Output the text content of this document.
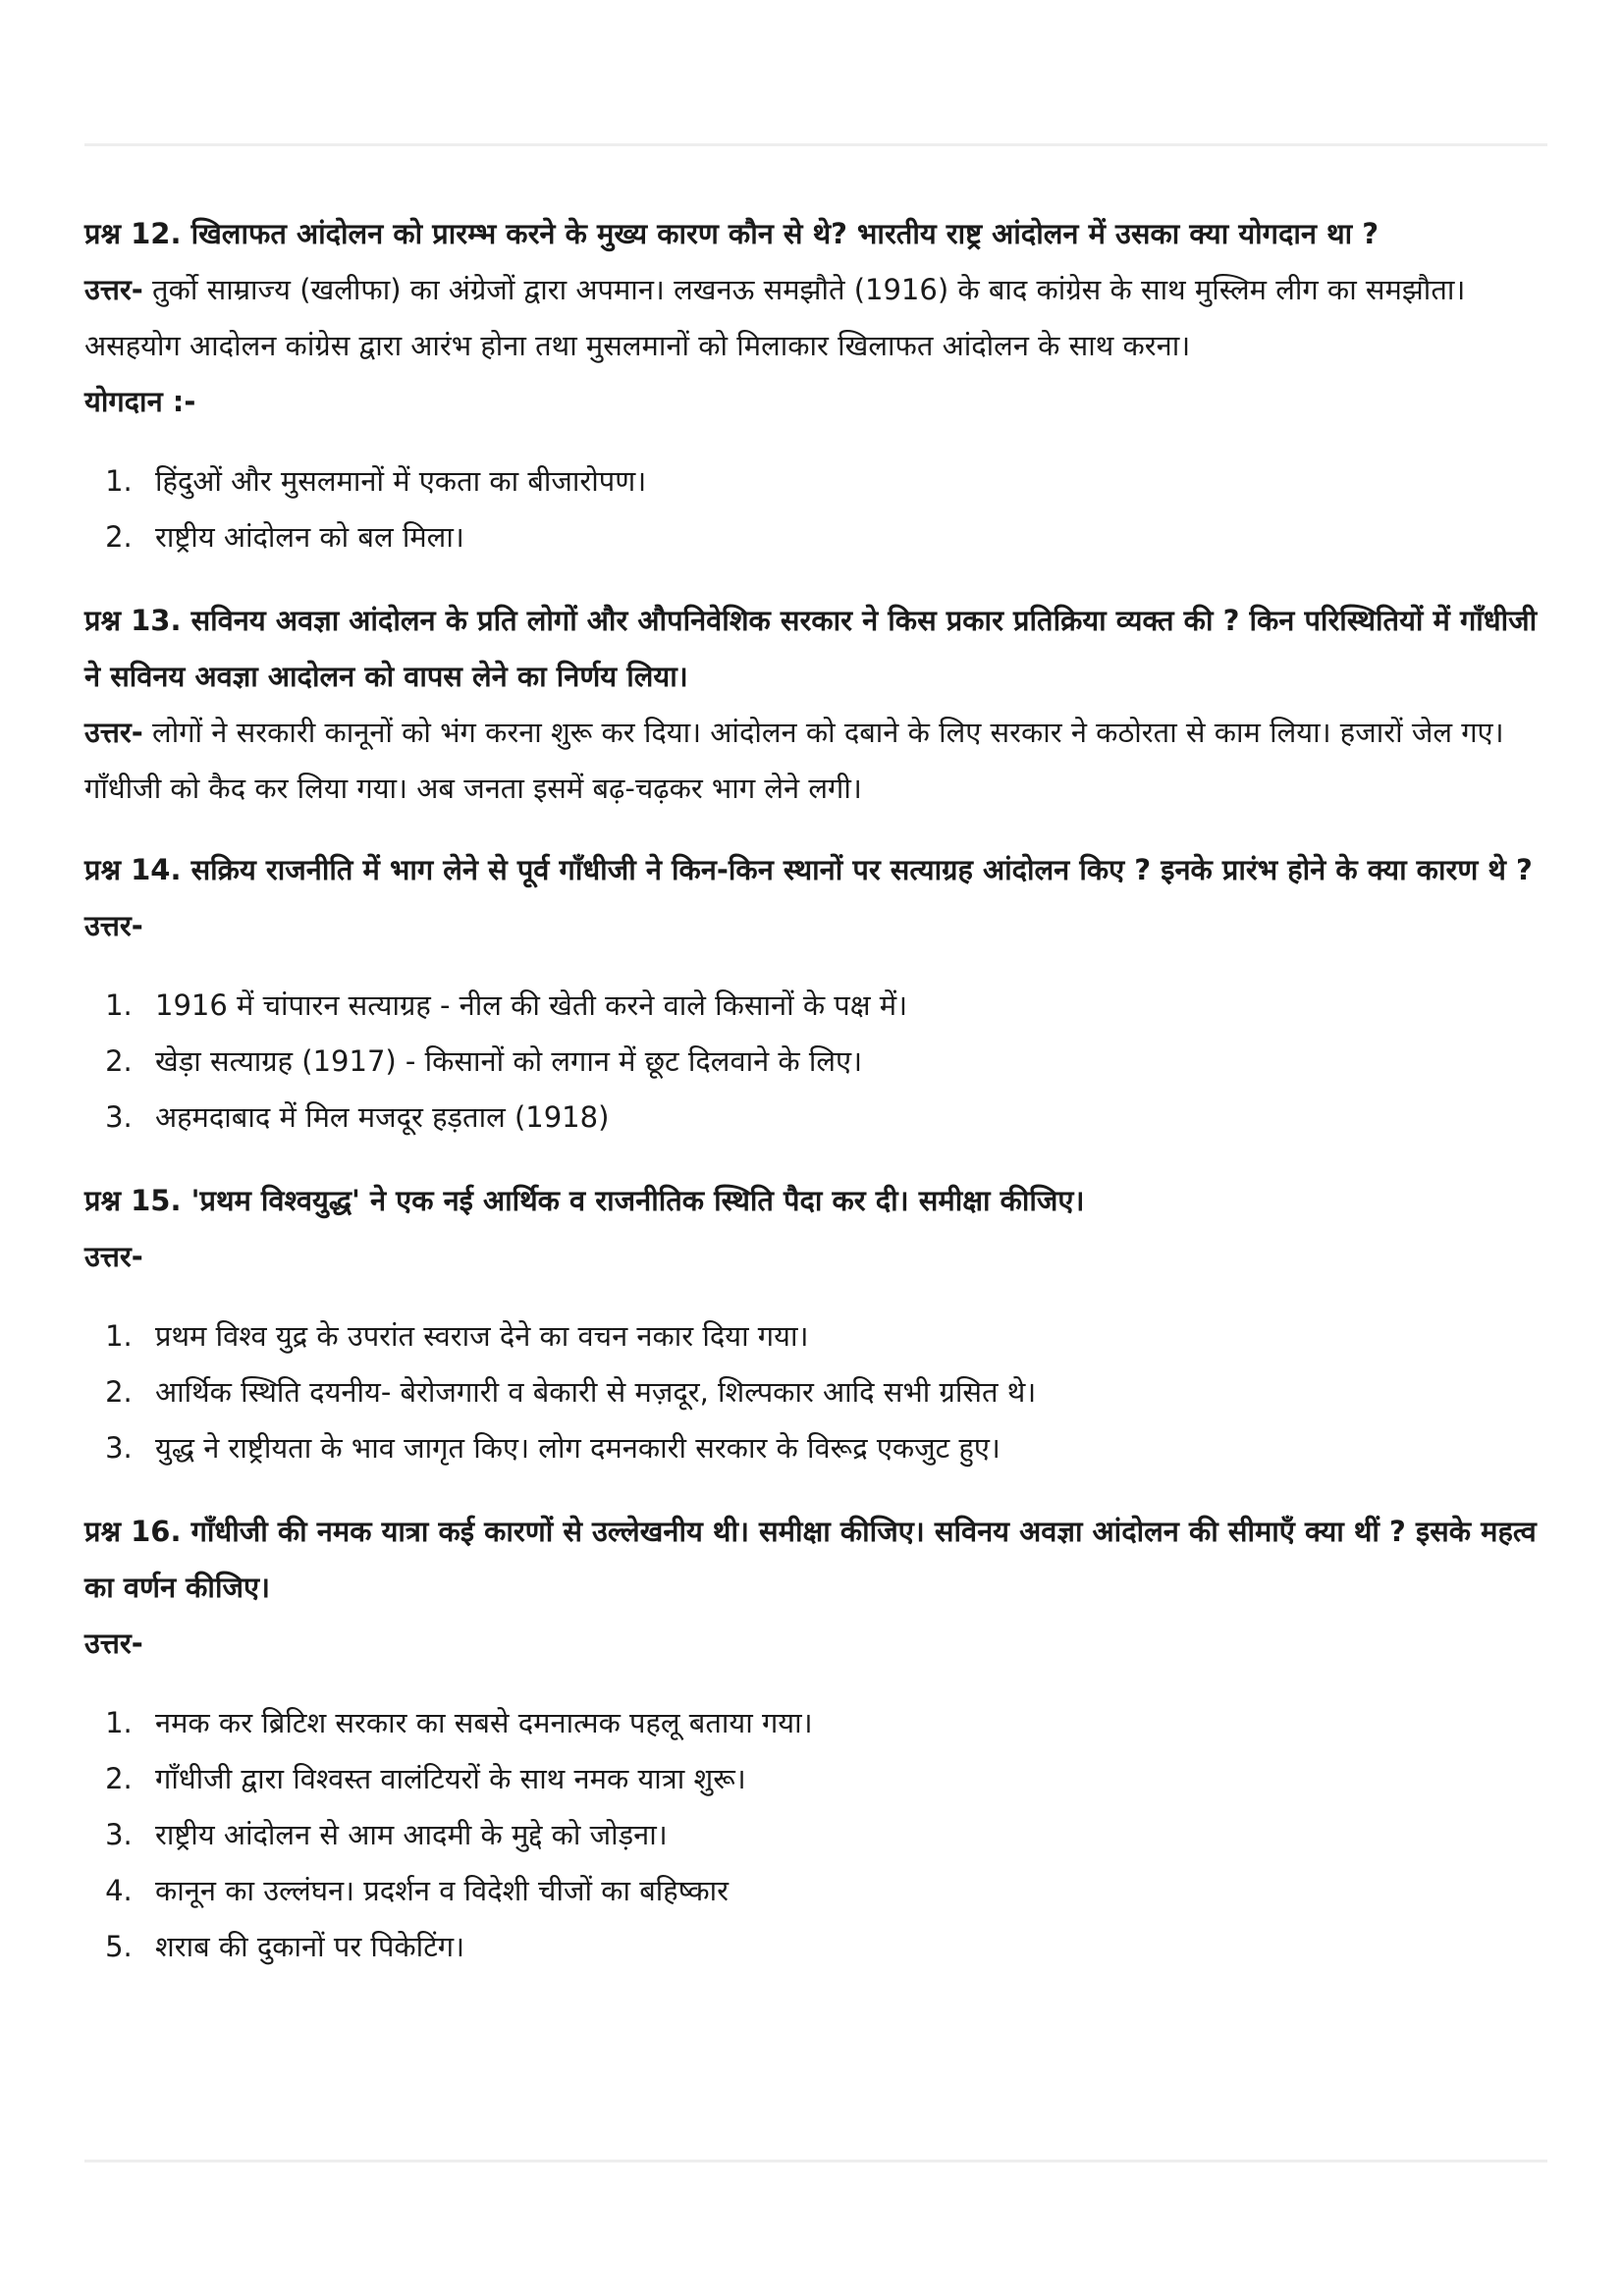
प्रश्न 12. खिलाफत आंदोलन को प्रारम्भ करने के मुख्य कारण कौन से थे? भारतीय राष्ट्र आंदोलन में उसका क्या योगदान था ?

उत्तर- तुर्को साम्राज्य (खलीफा) का अंग्रेजों द्वारा अपमान। लखनऊ समझौते (1916) के बाद कांग्रेस के साथ मुस्लिम लीग का समझौता। असहयोग आदोलन कांग्रेस द्वारा आरंभ होना तथा मुसलमानों को मिलाकार खिलाफत आंदोलन के साथ करना।

योगदान :-

1. हिंदुओं और मुसलमानों में एकता का बीजारोपण।
2. राष्ट्रीय आंदोलन को बल मिला।

प्रश्न 13. सविनय अवज्ञा आंदोलन के प्रति लोगों और औपनिवेशिक सरकार ने किस प्रकार प्रतिक्रिया व्यक्त की ? किन परिस्थितियों में गाँधीजी ने सविनय अवज्ञा आदोलन को वापस लेने का निर्णय लिया।

उत्तर- लोगों ने सरकारी कानूनों को भंग करना शुरू कर दिया। आंदोलन को दबाने के लिए सरकार ने कठोरता से काम लिया। हजारों जेल गए। गाँधीजी को कैद कर लिया गया। अब जनता इसमें बढ़-चढ़कर भाग लेने लगी।

प्रश्न 14. सक्रिय राजनीति में भाग लेने से पूर्व गाँधीजी ने किन-किन स्थानों पर सत्याग्रह आंदोलन किए ? इनके प्रारंभ होने के क्या कारण थे ?

उत्तर-

1. 1916 में चांपारन सत्याग्रह - नील की खेती करने वाले किसानों के पक्ष में।
2. खेड़ा सत्याग्रह (1917) - किसानों को लगान में छूट दिलवाने के लिए।
3. अहमदाबाद में मिल मजदूर हड़ताल (1918)

प्रश्न 15. 'प्रथम विश्वयुद्ध' ने एक नई आर्थिक व राजनीतिक स्थिति पैदा कर दी। समीक्षा कीजिए।

उत्तर-

1. प्रथम विश्व युद्र के उपरांत स्वराज देने का वचन नकार दिया गया।
2. आर्थिक स्थिति दयनीय- बेरोजगारी व बेकारी से मज़दूर, शिल्पकार आदि सभी ग्रसित थे।
3. युद्ध ने राष्ट्रीयता के भाव जागृत किए। लोग दमनकारी सरकार के विरूद्र एकजुट हुए।

प्रश्न 16. गाँधीजी की नमक यात्रा कई कारणों से उल्लेखनीय थी। समीक्षा कीजिए। सविनय अवज्ञा आंदोलन की सीमाएँ क्या थीं ? इसके महत्व का वर्णन कीजिए।

उत्तर-

1. नमक कर ब्रिटिश सरकार का सबसे दमनात्मक पहलू बताया गया।
2. गाँधीजी द्वारा विश्वस्त वालंटियरों के साथ नमक यात्रा शुरू।
3. राष्ट्रीय आंदोलन से आम आदमी के मुद्दे को जोड़ना।
4. कानून का उल्लंघन। प्रदर्शन व विदेशी चीजों का बहिष्कार
5. शराब की दुकानों पर पिकेटिंग।
